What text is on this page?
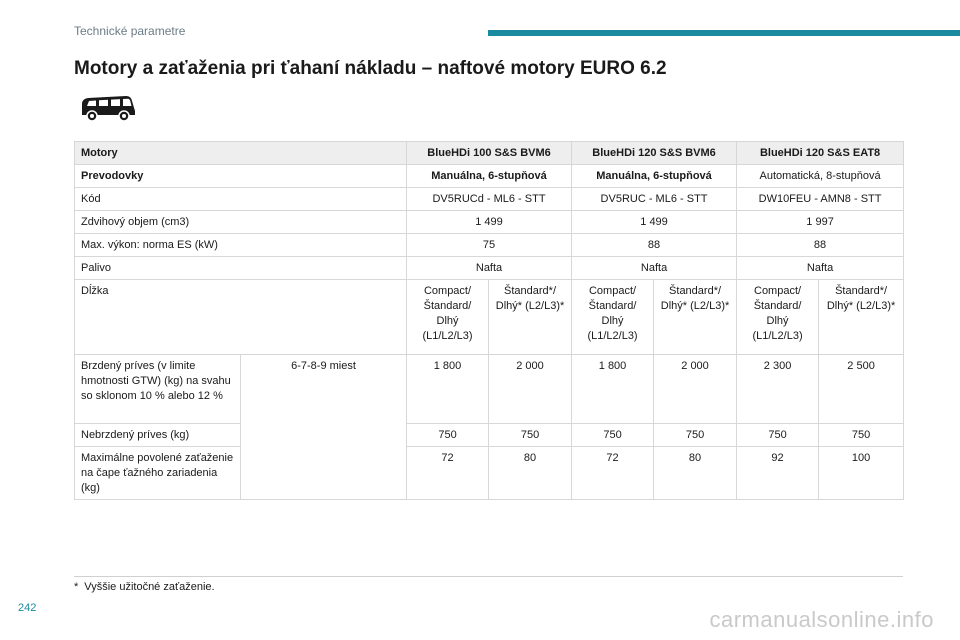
Technické parametre
Motory a zaťaženia pri ťahaní nákladu – naftové motory EURO 6.2
Motory		BlueHDi 100 S&S BVM6		BlueHDi 120 S&S BVM6		BlueHDi 120 S&S EAT8	
Prevodovky		Manuálna, 6-stupňová		Manuálna, 6-stupňová		Automatická, 8-stupňová	
Kód		DV5RUCd - ML6 - STT		DV5RUC - ML6 - STT		DW10FEU - AMN8 - STT	
Zdvihový objem (cm3)		1 499		1 499		1 997	
Max. výkon: norma ES (kW)		75		88		88	
Palivo		Nafta		Nafta		Nafta	
Dĺžka		Compact/ Štandard/ Dlhý (L1/L2/L3)	Štandard*/ Dlhý* (L2/L3)*	Compact/ Štandard/ Dlhý (L1/L2/L3)	Štandard*/ Dlhý* (L2/L3)*	Compact/ Štandard/ Dlhý (L1/L2/L3)	Štandard*/ Dlhý* (L2/L3)*
Brzdený príves (v limite hmotnosti GTW) (kg) na svahu so sklonom 10 % alebo 12 %	6-7-8-9 miest	1 800	2 000	1 800	2 000	2 300	2 500
Nebrzdený príves (kg)		750	750	750	750	750	750
Maximálne povolené zaťaženie na čape ťažného zariadenia (kg)		72	80	72	80	92	100
* Vyššie užitočné zaťaženie.
242	carmanualsonline.info
